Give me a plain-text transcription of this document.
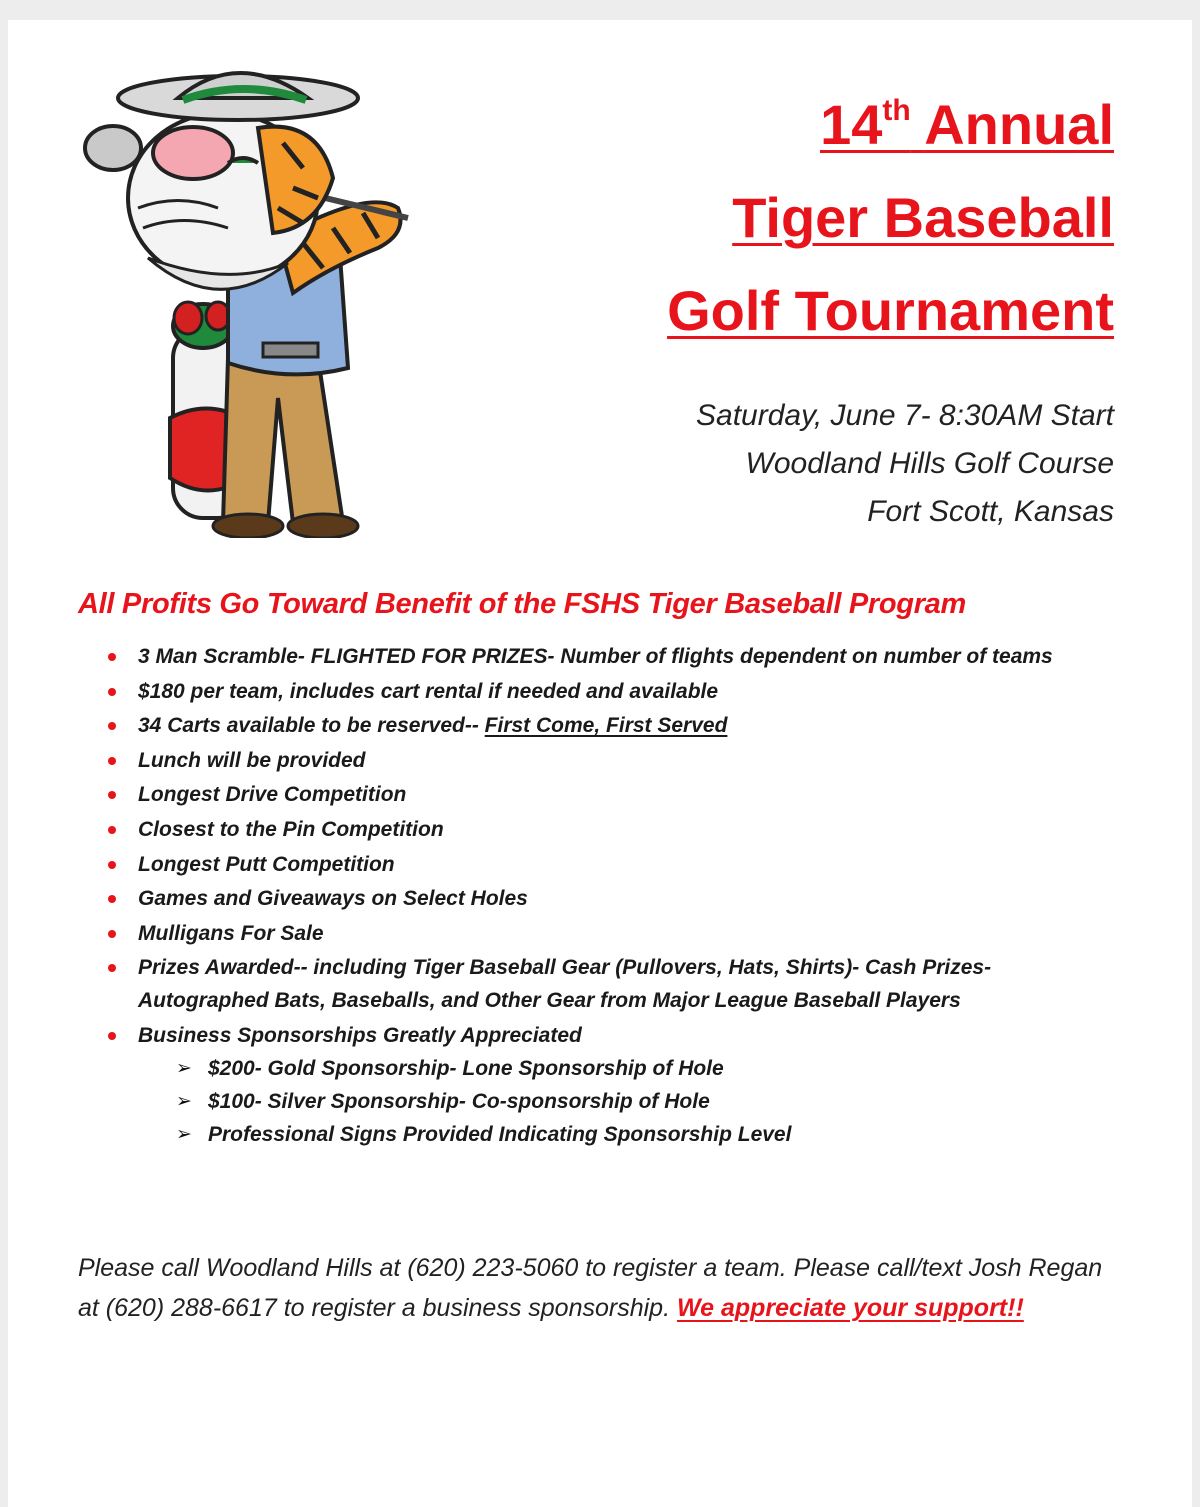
14th Annual
Tiger Baseball
Golf Tournament
Saturday, June 7- 8:30AM Start
Woodland Hills Golf Course
Fort Scott, Kansas
All Profits Go Toward Benefit of the FSHS Tiger Baseball Program
3 Man Scramble- FLIGHTED FOR PRIZES- Number of flights dependent on number of teams
$180 per team, includes cart rental if needed and available
34 Carts available to be reserved-- First Come, First Served
Lunch will be provided
Longest Drive Competition
Closest to the Pin Competition
Longest Putt Competition
Games and Giveaways on Select Holes
Mulligans For Sale
Prizes Awarded-- including Tiger Baseball Gear (Pullovers, Hats, Shirts)- Cash Prizes- Autographed Bats, Baseballs, and Other Gear from Major League Baseball Players
Business Sponsorships Greatly Appreciated
➢ $200- Gold Sponsorship- Lone Sponsorship of Hole
➢ $100- Silver Sponsorship- Co-sponsorship of Hole
➢ Professional Signs Provided Indicating Sponsorship Level
Please call Woodland Hills at (620) 223-5060 to register a team. Please call/text Josh Regan at (620) 288-6617 to register a business sponsorship. We appreciate your support!!
